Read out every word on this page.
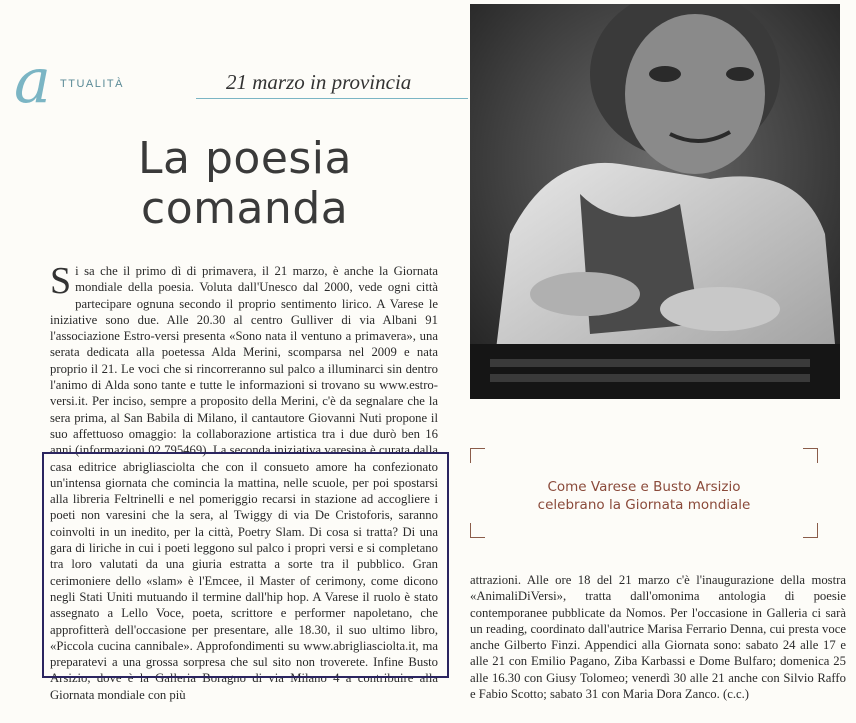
a TTUALITÀ	21 marzo in provincia
La poesia
comanda
Come Varese e Busto Arsizio
celebrano la Giornata mondiale
S i sa che il primo dì di primavera, il 21 marzo, è anche la Giornata mondiale della poesia. Voluta dall'Unesco dal 2000, vede ogni città partecipare ognuna secondo il proprio sentimento lirico. A Varese le iniziative sono due. Alle 20.30 al centro Gulliver di via Albani 91 l'associazione Estro-versi presenta «Sono nata il ventuno a primavera», una serata dedicata alla poetessa Alda Merini, scomparsa nel 2009 e nata proprio il 21. Le voci che si rincorreranno sul palco a illuminarci sin dentro l'animo di Alda sono tante e tutte le informazioni si trovano su www.estro-versi.it. Per inciso, sempre a proposito della Merini, c'è da segnalare che la sera prima, al San Babila di Milano, il cantautore Giovanni Nuti propone il suo affettuoso omaggio: la collaborazione artistica tra i due durò ben 16 anni (informazioni 02.795469). La seconda iniziativa varesina è curata dalla casa editrice abrigliasciolta che con il consueto amore ha confezionato un'intensa giornata che comincia la mattina, nelle scuole, per poi spostarsi alla libreria Feltrinelli e nel pomeriggio recarsi in stazione ad accogliere i poeti non varesini che la sera, al Twiggy di via De Cristoforis, saranno coinvolti in un inedito, per la città, Poetry Slam. Di cosa si tratta? Di una gara di liriche in cui i poeti leggono sul palco i propri versi e si completano tra loro valutati da una giuria estratta a sorte tra il pubblico. Gran cerimoniere dello «slam» è l'Emcee, il Master of cerimony, come dicono negli Stati Uniti mutuando il termine dall'hip hop. A Varese il ruolo è stato assegnato a Lello Voce, poeta, scrittore e performer napoletano, che approfitterà dell'occasione per presentare, alle 18.30, il suo ultimo libro, «Piccola cucina cannibale». Approfondimenti su www.abrigliasciolta.it, ma preparatevi a una grossa sorpresa che sul sito non troverete. Infine Busto Arsizio, dove è la Galleria Boragno di via Milano 4 a contribuire alla Giornata mondiale con più

attrazioni. Alle ore 18 del 21 marzo c'è l'inaugurazione della mostra «AnimaliDiVersi», tratta dall'omonima antologia di poesie contemporanee pubblicate da Nomos. Per l'occasione in Galleria ci sarà un reading, coordinato dall'autrice Marisa Ferrario Denna, cui presta voce anche Gilberto Finzi. Appendici alla Giornata sono: sabato 24 alle 17 e alle 21 con Emilio Pagano, Ziba Karbassi e Dome Bulfaro; domenica 25 alle 16.30 con Giusy Tolomeo; venerdì 30 alle 21 anche con Silvio Raffo e Fabio Scotto; sabato 31 con Maria Dora Zanco. (c.c.)
